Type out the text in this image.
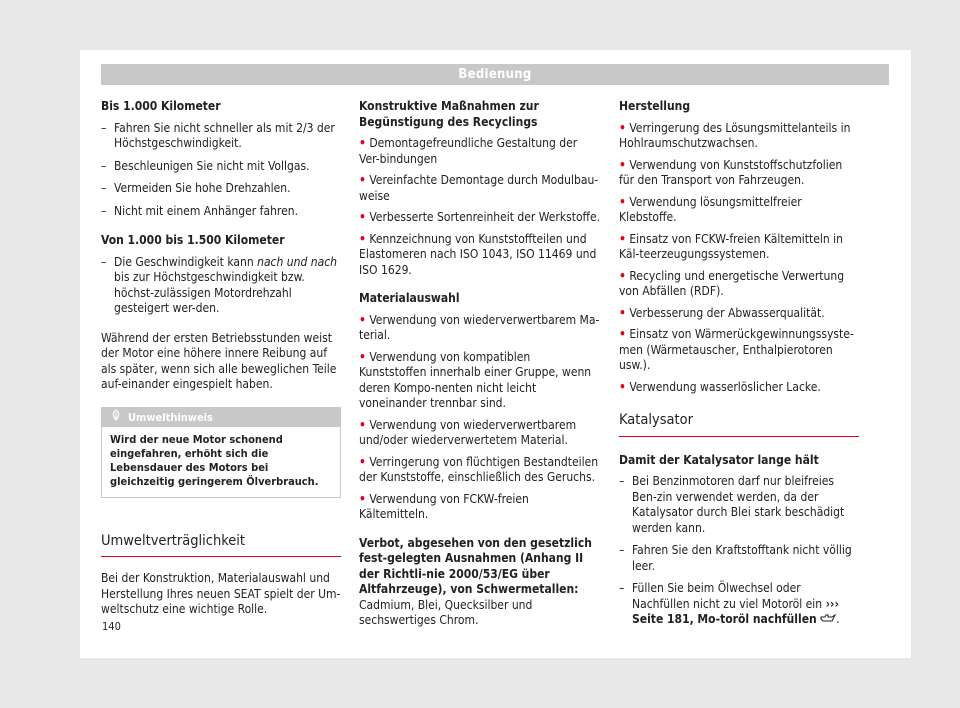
Bedienung
Bis 1.000 Kilometer
– Fahren Sie nicht schneller als mit 2/3 der Höchstgeschwindigkeit.
– Beschleunigen Sie nicht mit Vollgas.
– Vermeiden Sie hohe Drehzahlen.
– Nicht mit einem Anhänger fahren.
Von 1.000 bis 1.500 Kilometer
– Die Geschwindigkeit kann nach und nach bis zur Höchstgeschwindigkeit bzw. höchst-zulässigen Motordrehzahl gesteigert wer-den.

Während der ersten Betriebsstunden weist der Motor eine höhere innere Reibung auf als später, wenn sich alle beweglichen Teile auf-einander eingespielt haben.

Umwelthinweis
Wird der neue Motor schonend eingefahren, erhöht sich die Lebensdauer des Motors bei gleichzeitig geringerem Ölverbrauch.
Umweltverträglichkeit

Bei der Konstruktion, Materialauswahl und Herstellung Ihres neuen SEAT spielt der Um-weltschutz eine wichtige Rolle.

Konstruktive Maßnahmen zur Begünstigung des Recyclings
• Demontagefreundliche Gestaltung der Ver-bindungen
• Vereinfachte Demontage durch Modulbau-weise
• Verbesserte Sortenreinheit der Werkstoffe.
• Kennzeichnung von Kunststoffteilen und Elastomeren nach ISO 1043, ISO 11469 und ISO 1629.
Materialauswahl
• Verwendung von wiederverwertbarem Ma-terial.
• Verwendung von kompatiblen Kunststoffen innerhalb einer Gruppe, wenn deren Kompo-nenten nicht leicht voneinander trennbar sind.
• Verwendung von wiederverwertbarem und/oder wiederverwertetem Material.
• Verringerung von flüchtigen Bestandteilen der Kunststoffe, einschließlich des Geruchs.
• Verwendung von FCKW-freien Kältemitteln.

Verbot, abgesehen von den gesetzlich fest-gelegten Ausnahmen (Anhang II der Richtli-nie 2000/53/EG über Altfahrzeuge), von Schwermetallen: Cadmium, Blei, Quecksilber und sechswertiges Chrom.

Herstellung
• Verringerung des Lösungsmittelanteils in Hohlraumschutzwachsen.
• Verwendung von Kunststoffschutzfolien für den Transport von Fahrzeugen.
• Verwendung lösungsmittelfreier Klebstoffe.
• Einsatz von FCKW-freien Kältemitteln in Käl-teerzeugungssystemen.
• Recycling und energetische Verwertung von Abfällen (RDF).
• Verbesserung der Abwasserqualität.
• Einsatz von Wärmerückgewinnungssyste-men (Wärmetauscher, Enthalpierotoren usw.).
• Verwendung wasserlöslicher Lacke.
Katalysator
Damit der Katalysator lange hält
– Bei Benzinmotoren darf nur bleifreies Ben-zin verwendet werden, da der Katalysator durch Blei stark beschädigt werden kann.
– Fahren Sie den Kraftstofftank nicht völlig leer.
– Füllen Sie beim Ölwechsel oder Nachfüllen nicht zu viel Motoröl ein ››› Seite 181, Mo-toröl nachfüllen .
140
